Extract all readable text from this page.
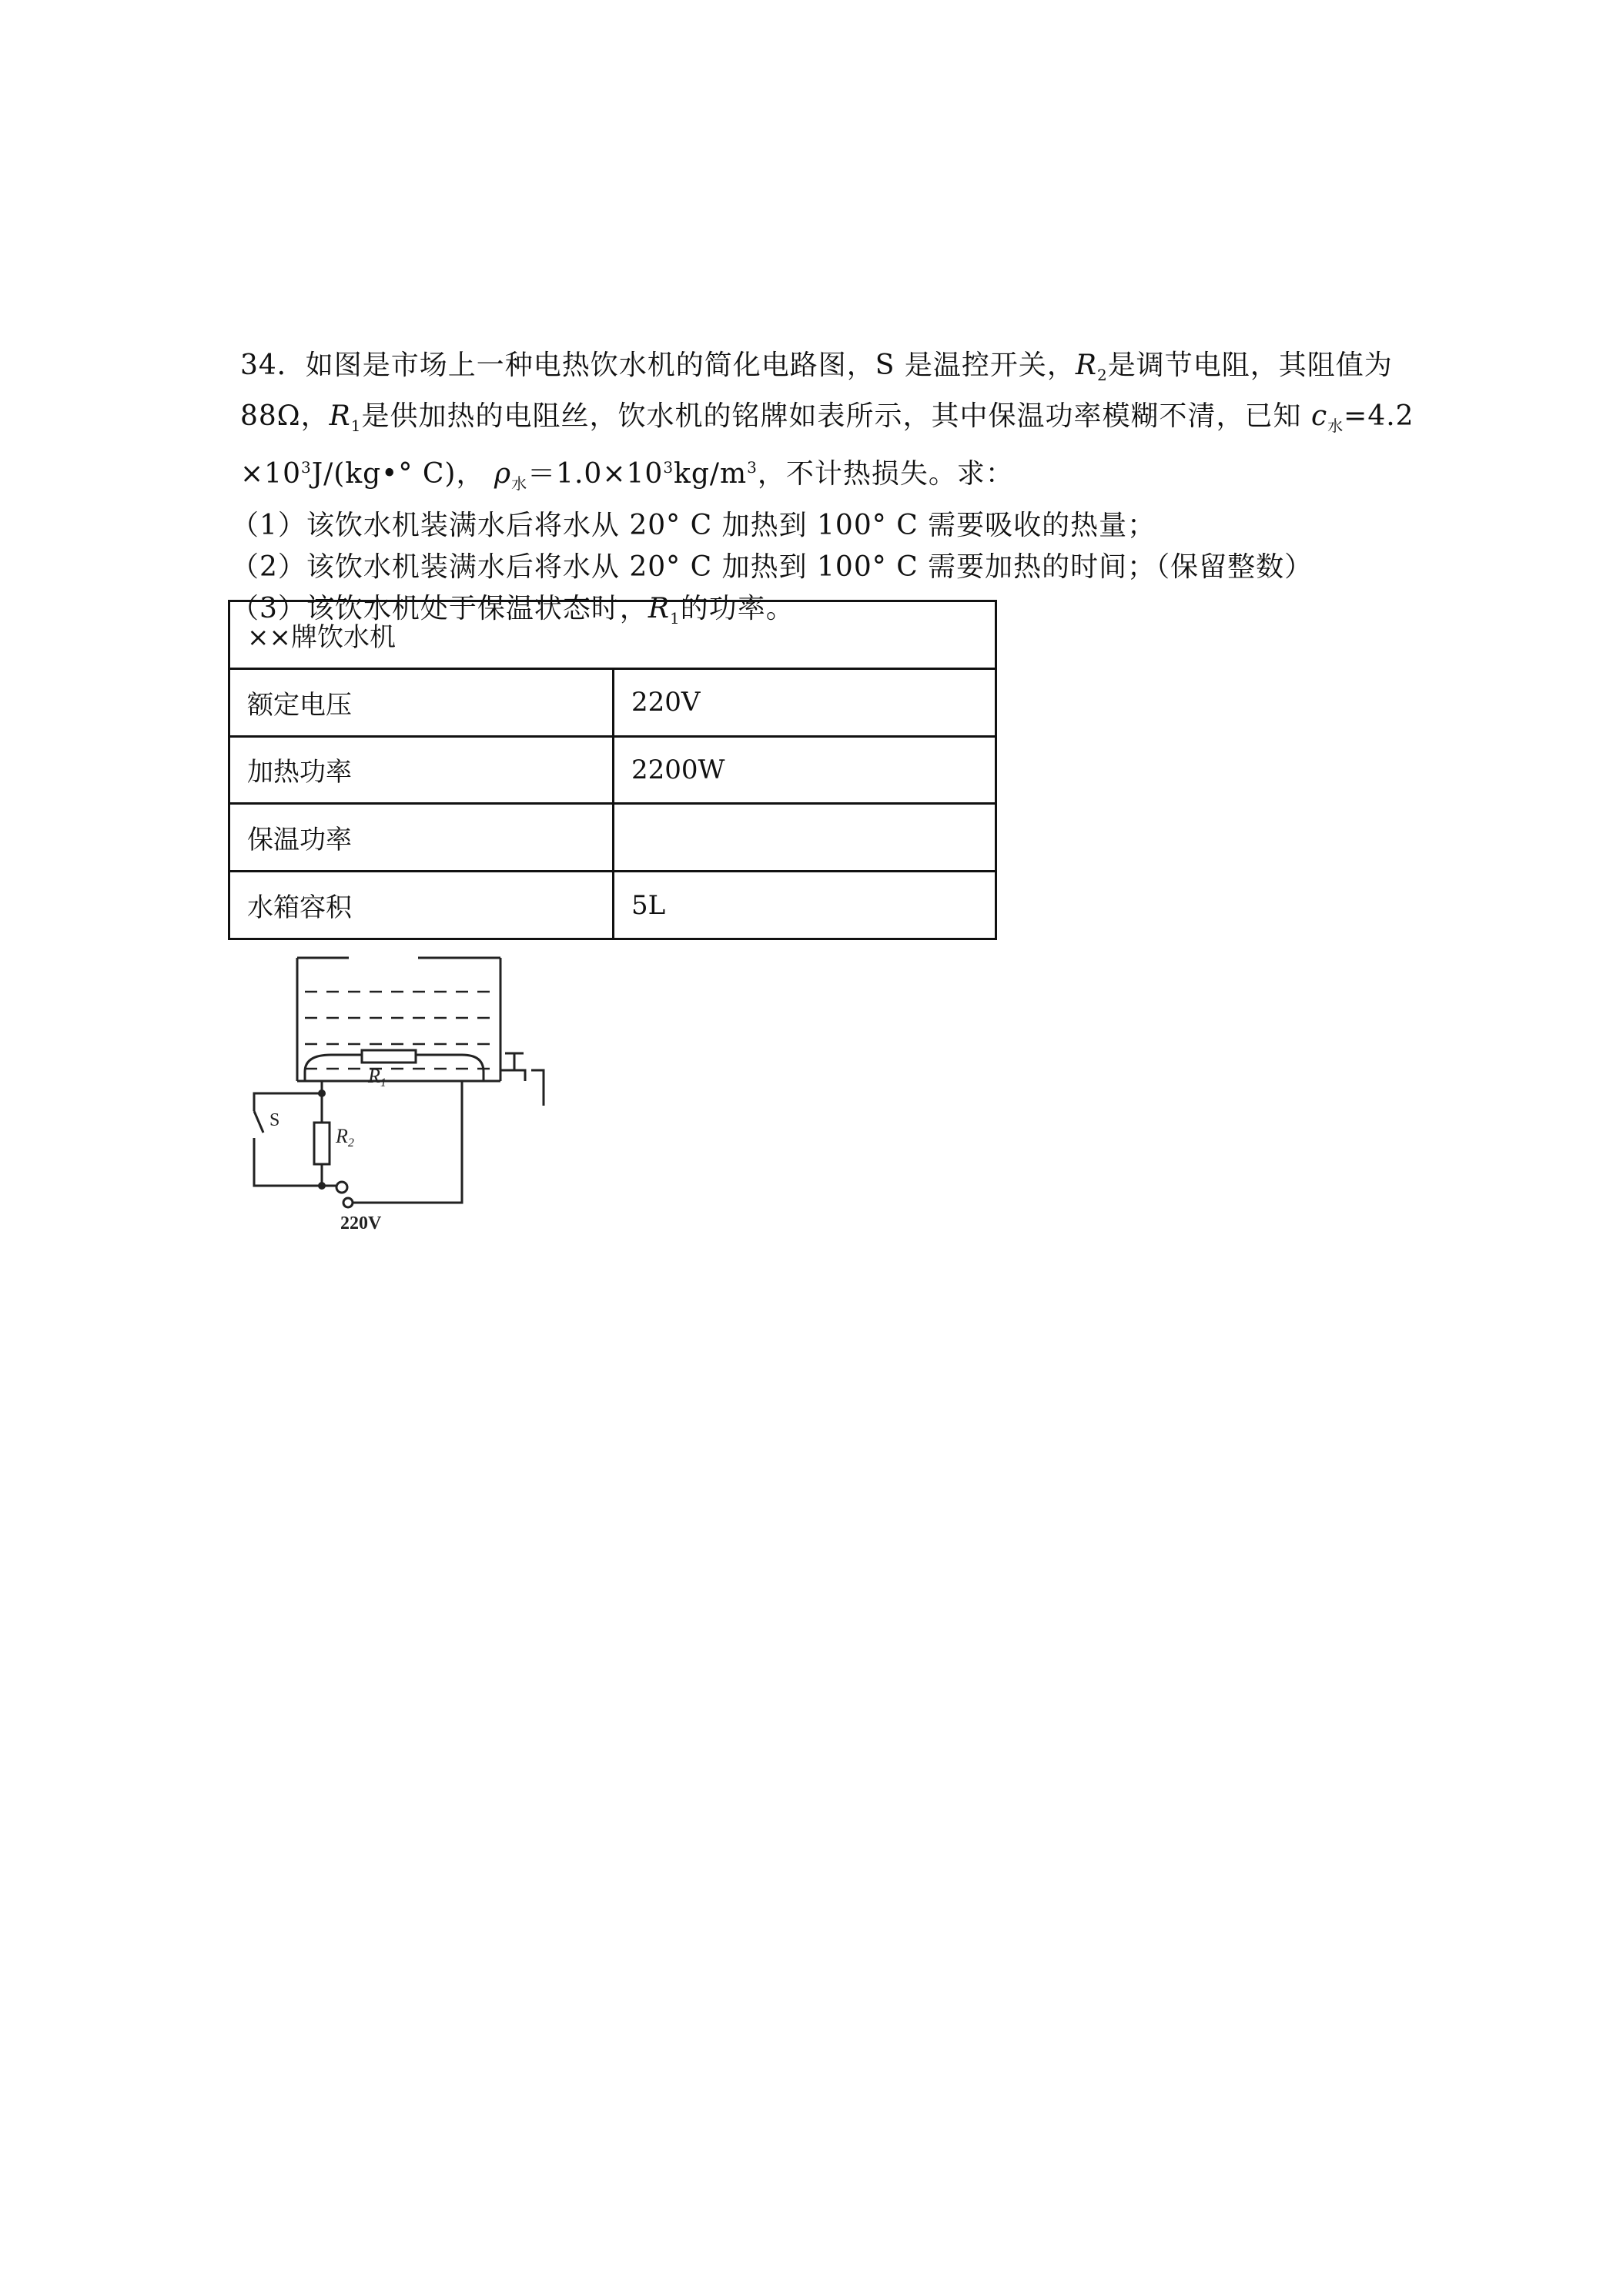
34．如图是市场上一种电热饮水机的简化电路图，S 是温控开关，$R_2$是调节电阻，其阻值为
88Ω，$R_1$是供加热的电阻丝，饮水机的铭牌如表所示，其中保温功率模糊不清，已知 $c_水=4.2$
$\times 10^3J/(kg•^\circ$ C)， $\rho_水=1.0\times 10^3kg/m^3$，不计热损失。求：
（1）该饮水机装满水后将水从 20° C 加热到 100° C 需要吸收的热量；
（2）该饮水机装满水后将水从 20° C 加热到 100° C 需要加热的时间；（保留整数）
（3）该饮水机处于保温状态时，$R_1$的功率。
××牌饮水机	
额定电压	220V
加热功率	2200W
保温功率	
水箱容积	5L
R1
S
R2
220V
